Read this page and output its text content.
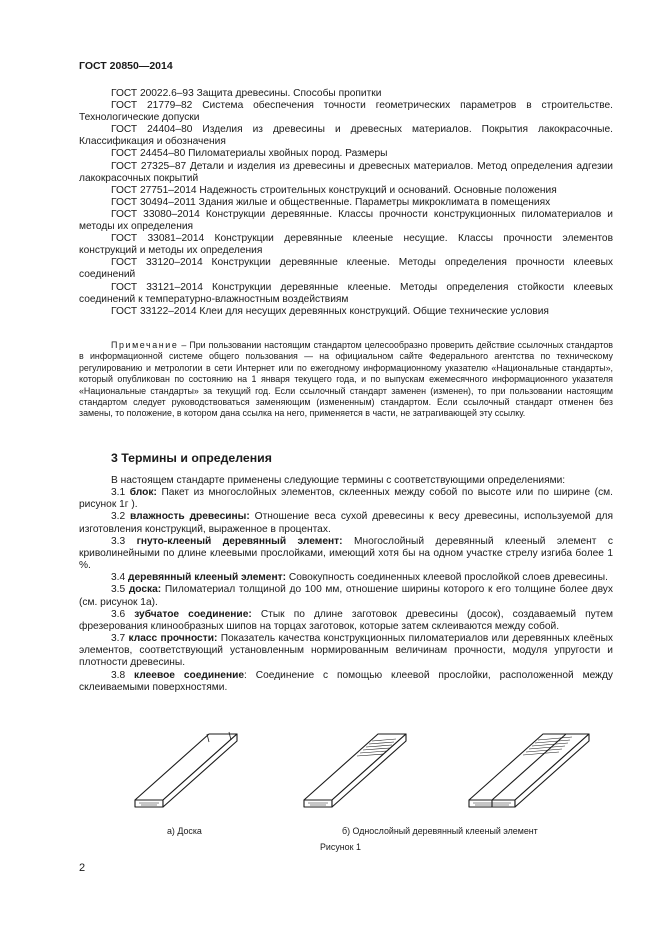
ГОСТ 20850—2014

ГОСТ 20022.6–93 Защита древесины. Способы пропитки

ГОСТ 21779–82 Система обеспечения точности геометрических параметров в строительстве. Технологические допуски

ГОСТ 24404–80 Изделия из древесины и древесных материалов. Покрытия лакокрасочные. Классификация и обозначения

ГОСТ 24454–80 Пиломатериалы хвойных пород. Размеры

ГОСТ 27325–87 Детали и изделия из древесины и древесных материалов. Метод определения адгезии лакокрасочных покрытий

ГОСТ 27751–2014 Надежность строительных конструкций и оснований. Основные положения

ГОСТ 30494–2011 Здания жилые и общественные. Параметры микроклимата в помещениях

ГОСТ 33080–2014 Конструкции деревянные. Классы прочности конструкционных пиломатериалов и методы их определения

ГОСТ 33081–2014 Конструкции деревянные клееные несущие. Классы прочности элементов конструкций и методы их определения

ГОСТ 33120–2014 Конструкции деревянные клееные. Методы определения прочности клеевых соединений

ГОСТ 33121–2014 Конструкции деревянные клееные. Методы определения стойкости клеевых соединений к температурно-влажностным воздействиям

ГОСТ 33122–2014 Клеи для несущих деревянных конструкций. Общие технические условия

Примечание – При пользовании настоящим стандартом целесообразно проверить действие ссылочных стандартов в информационной системе общего пользования — на официальном сайте Федерального агентства по техническому регулированию и метрологии в сети Интернет или по ежегодному информационному указателю «Национальные стандарты», который опубликован по состоянию на 1 января текущего года, и по выпускам ежемесячного информационного указателя «Национальные стандарты» за текущий год. Если ссылочный стандарт заменен (изменен), то при пользовании настоящим стандартом следует руководствоваться заменяющим (измененным) стандартом. Если ссылочный стандарт отменен без замены, то положение, в котором дана ссылка на него, применяется в части, не затрагивающей эту ссылку.
3 Термины и определения

В настоящем стандарте применены следующие термины с соответствующими определениями:

3.1 блок: Пакет из многослойных элементов, склеенных между собой по высоте или по ширине (см. рисунок 1г ).

3.2 влажность древесины: Отношение веса сухой древесины к весу древесины, используемой для изготовления конструкций, выраженное в процентах.

3.3 гнуто-клееный деревянный элемент: Многослойный деревянный клееный элемент с криволинейными по длине клеевыми прослойками, имеющий хотя бы на одном участке стрелу изгиба более 1 %.

3.4 деревянный клееный элемент: Совокупность соединенных клеевой прослойкой слоев древесины.

3.5 доска: Пиломатериал толщиной до 100 мм, отношение ширины которого к его толщине более двух (см. рисунок 1а).

3.6 зубчатое соединение: Стык по длине заготовок древесины (досок), создаваемый путем фрезерования клинообразных шипов на торцах заготовок, которые затем склеиваются между собой.

3.7 класс прочности: Показатель качества конструкционных пиломатериалов или деревянных клеёных элементов, соответствующий установленным нормированным величинам прочности, модуля упругости и плотности древесины.

3.8 клеевое соединение: Соединение с помощью клеевой прослойки, расположенной между склеиваемыми поверхностями.

а) Доска	б) Однослойный деревянный клееный элемент
Рисунок 1
2
